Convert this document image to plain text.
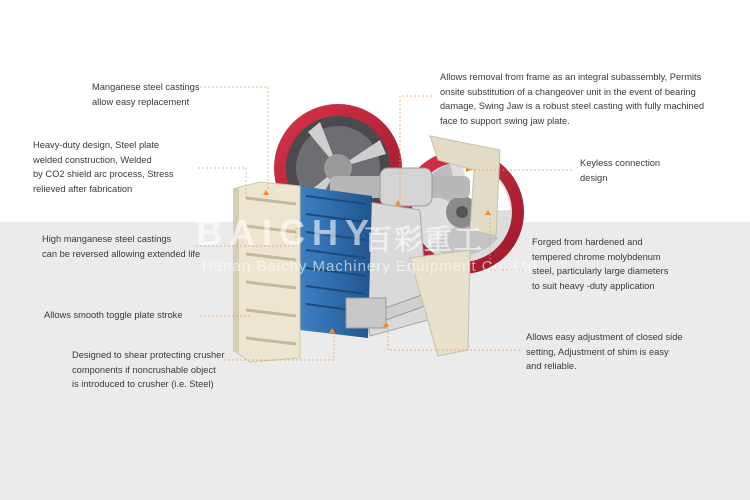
BAICHY
百彩重工
Henan Baichy Machinery Equipment Co.,Ltd.
Manganese steel castings
allow easy replacement
Heavy-duty design, Steel plate
welded construction, Welded
by CO2 shield arc process, Stress
relieved after fabrication
High manganese steel castings
can be reversed allowing extended life
Allows smooth toggle plate stroke
Designed to shear protecting crusher
components if noncrushable object
is introduced to crusher (i.e. Steel)
Allows removal from frame as an integral subassembly, Permits
onsite substitution of a changeover unit in the event of bearing
damage, Swing Jaw is a robust steel casting with fully machined
face to support swing jaw plate.
Keyless connection
design
Forged from hardened and
tempered chrome molybdenum
steel, particularly large diameters
to suit heavy -duty application
Allows easy adjustment of closed side
setting, Adjustment of shim is easy
and reliable.
